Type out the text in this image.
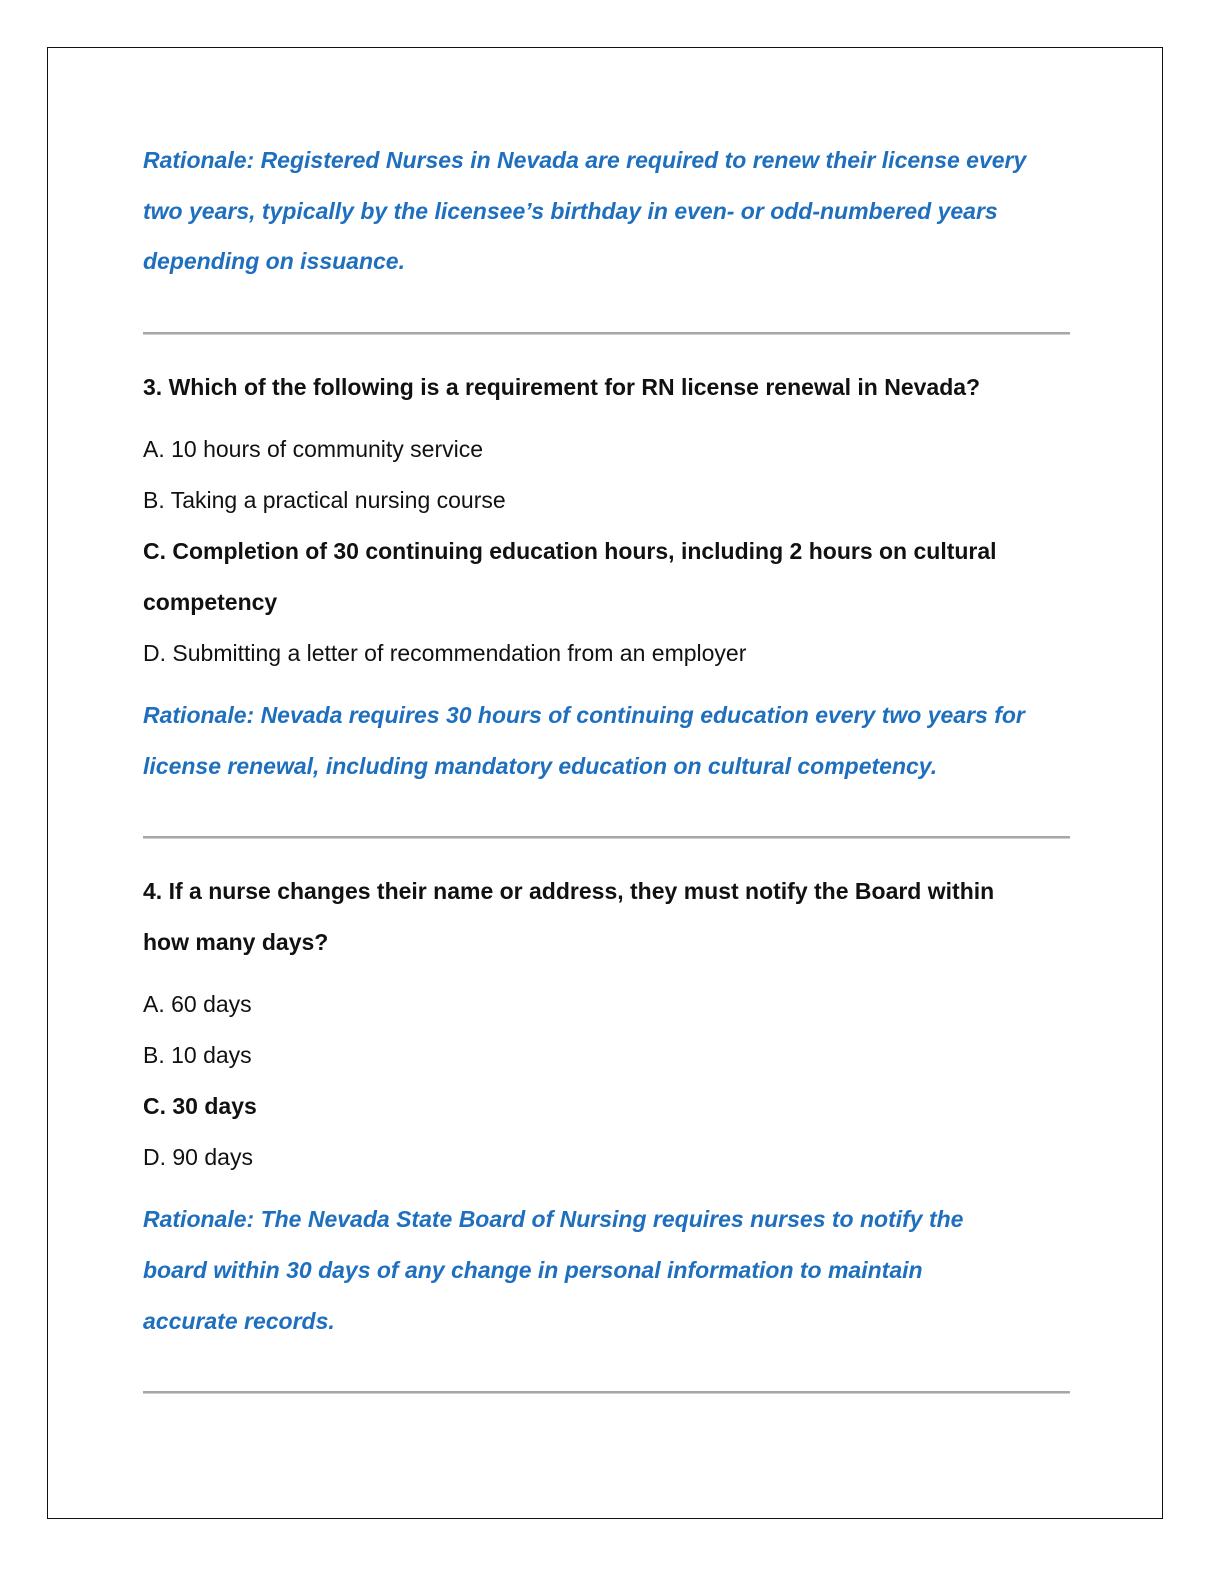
Rationale: Registered Nurses in Nevada are required to renew their license every
two years, typically by the licensee’s birthday in even- or odd-numbered years
depending on issuance.
3. Which of the following is a requirement for RN license renewal in Nevada?
A. 10 hours of community service
B. Taking a practical nursing course
C. Completion of 30 continuing education hours, including 2 hours on cultural
competency
D. Submitting a letter of recommendation from an employer
Rationale: Nevada requires 30 hours of continuing education every two years for
license renewal, including mandatory education on cultural competency.
4. If a nurse changes their name or address, they must notify the Board within
how many days?
A. 60 days
B. 10 days
C. 30 days
D. 90 days
Rationale: The Nevada State Board of Nursing requires nurses to notify the
board within 30 days of any change in personal information to maintain
accurate records.
